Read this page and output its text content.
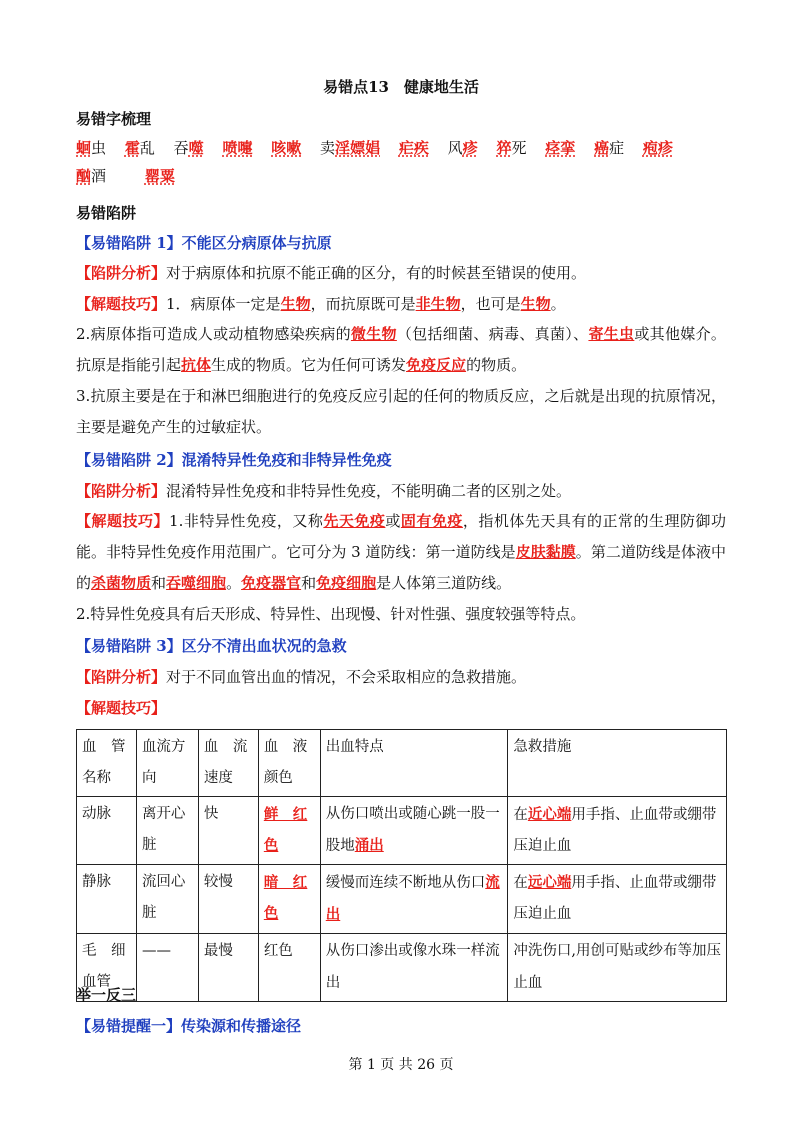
易错点13　健康地生活
易错字梳理
蛔虫 霍乱 吞噬 喷嚏 咳嗽 卖淫嫖娼 疟疾 风疹 猝死 痉挛 癌症 疱疹
酗酒	罂粟
易错陷阱
【易错陷阱 1】不能区分病原体与抗原
【陷阱分析】对于病原体和抗原不能正确的区分，有的时候甚至错误的使用。
【解题技巧】1．病原体一定是生物，而抗原既可是非生物，也可是生物。
2.病原体指可造成人或动植物感染疾病的微生物（包括细菌、病毒、真菌）、寄生虫或其他媒介。抗原是指能引起抗体生成的物质。它为任何可诱发免疫反应的物质。
3.抗原主要是在于和淋巴细胞进行的免疫反应引起的任何的物质反应，之后就是出现的抗原情况，主要是避免产生的过敏症状。
【易错陷阱 2】混淆特异性免疫和非特异性免疫
【陷阱分析】混淆特异性免疫和非特异性免疫，不能明确二者的区别之处。
【解题技巧】1.非特异性免疫，又称先天免疫或固有免疫，指机体先天具有的正常的生理防御功能。非特异性免疫作用范围广。它可分为 3 道防线：第一道防线是皮肤黏膜。第二道防线是体液中的杀菌物质和吞噬细胞。免疫器官和免疫细胞是人体第三道防线。
2.特异性免疫具有后天形成、特异性、出现慢、针对性强、强度较强等特点。
【易错陷阱 3】区分不清出血状况的急救
【陷阱分析】对于不同血管出血的情况，不会采取相应的急救措施。
【解题技巧】
血　管名称	血流方向	血　流速度	血　液颜色	出血特点	急救措施
动脉	离开心脏	快	鲜　红色	从伤口喷出或随心跳一股一股地涌出	在近心端用手指、止血带或绷带压迫止血
静脉	流回心脏	较慢	暗　红色	缓慢而连续不断地从伤口流出	在远心端用手指、止血带或绷带压迫止血
毛　细血管	——	最慢	红色	从伤口渗出或像水珠一样流出	冲洗伤口,用创可贴或纱布等加压止血
举一反三
【易错提醒一】传染源和传播途径
第 1 页 共 26 页
